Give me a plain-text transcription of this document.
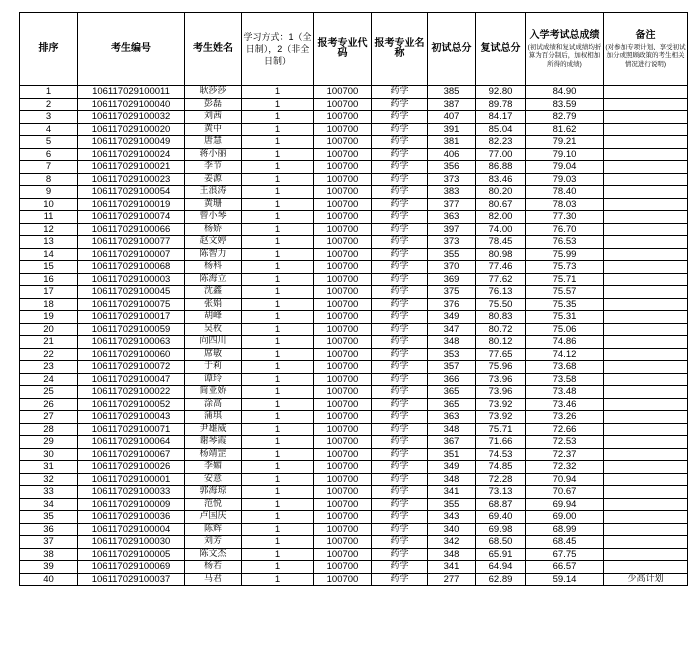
排序	考生编号	考生姓名	学习方式：1（全日制），2（非全日制）	报考专业代码	报考专业名称	初试总分	复试总分	入学考试总成绩
(初试成绩和复试成绩均折算为百分制后，加权相加所得的成绩)	备注
(对参加专项计划、享受初试加分或照顾政策的考生相关情况进行说明)

1	106117029100011	耿莎莎	1	100700	药学	385	92.80	84.90	
2	106117029100040	彭磊	1	100700	药学	387	89.78	83.59	
3	106117029100032	刘茜	1	100700	药学	407	84.17	82.79	
4	106117029100020	黄中	1	100700	药学	391	85.04	81.62	
5	106117029100049	唐慧	1	100700	药学	381	82.23	79.21	
6	106117029100024	蒋小丽	1	100700	药学	406	77.00	79.10	
7	106117029100021	李节	1	100700	药学	356	86.88	79.04	
8	106117029100023	姜源	1	100700	药学	373	83.46	79.03	
9	106117029100054	王浪涛	1	100700	药学	383	80.20	78.40	
10	106117029100019	黄珊	1	100700	药学	377	80.67	78.03	
11	106117029100074	曾小琴	1	100700	药学	363	82.00	77.30	
12	106117029100066	杨娇	1	100700	药学	397	74.00	76.70	
13	106117029100077	赵文婷	1	100700	药学	373	78.45	76.53	
14	106117029100007	陈智力	1	100700	药学	355	80.98	75.99	
15	106117029100068	杨科	1	100700	药学	370	77.46	75.73	
16	106117029100003	陈海立	1	100700	药学	369	77.62	75.71	
17	106117029100045	沈鑫	1	100700	药学	375	76.13	75.57	
18	106117029100075	张娟	1	100700	药学	376	75.50	75.35	
19	106117029100017	胡峰	1	100700	药学	349	80.83	75.31	
20	106117029100059	吴枚	1	100700	药学	347	80.72	75.06	
21	106117029100063	向四川	1	100700	药学	348	80.12	74.86	
22	106117029100060	席敏	1	100700	药学	353	77.65	74.12	
23	106117029100072	于莉	1	100700	药学	357	75.96	73.68	
24	106117029100047	谭玲	1	100700	药学	366	73.96	73.58	
25	106117029100022	简亚娇	1	100700	药学	365	73.96	73.48	
26	106117029100052	涂高	1	100700	药学	365	73.92	73.46	
27	106117029100043	蒲琪	1	100700	药学	363	73.92	73.26	
28	106117029100071	尹雄威	1	100700	药学	348	75.71	72.66	
29	106117029100064	谢琴霞	1	100700	药学	367	71.66	72.53	
30	106117029100067	杨靖罡	1	100700	药学	351	74.53	72.37	
31	106117029100026	李媚	1	100700	药学	349	74.85	72.32	
32	106117029100001	安意	1	100700	药学	348	72.28	70.94	
33	106117029100033	郭海琼	1	100700	药学	341	73.13	70.67	
34	106117029100009	范悦	1	100700	药学	355	68.87	69.94	
35	106117029100036	卢国庆	1	100700	药学	343	69.40	69.00	
36	106117029100004	陈辉	1	100700	药学	340	69.98	68.99	
37	106117029100030	刘芳	1	100700	药学	342	68.50	68.45	
38	106117029100005	陈文杰	1	100700	药学	348	65.91	67.75	
39	106117029100069	杨若	1	100700	药学	341	64.94	66.57	
40	106117029100037	马君	1	100700	药学	277	62.89	59.14	少高计划
